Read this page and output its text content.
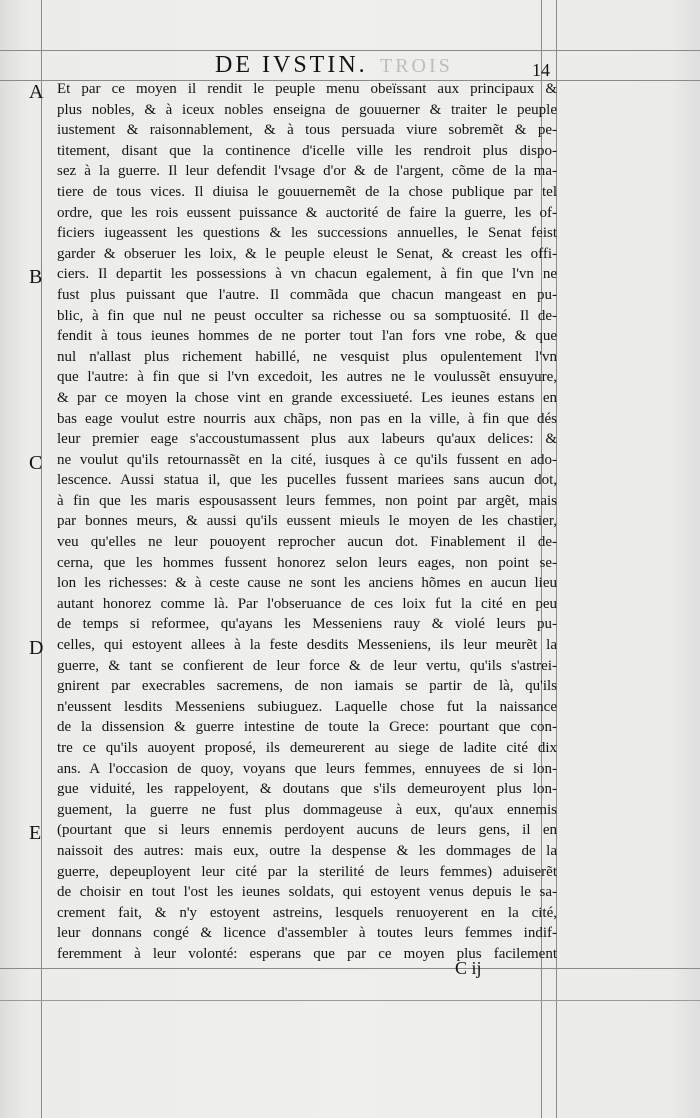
TROIS
DE IVSTIN.	14
A
B
C
D
E
Et par ce moyen il rendit le peuple menu obeïssant aux principaux &
plus nobles, & à iceux nobles enseigna de gouuerner & traiter le peuple
iustement & raisonnablement, & à tous persuada viure sobremẽt & pe-
titement, disant que la continence d'icelle ville les rendroit plus dispo-
sez à la guerre. Il leur defendit l'vsage d'or & de l'argent, cõme de la ma-
tiere de tous vices. Il diuisa le gouuernemẽt de la chose publique par tel
ordre, que les rois eussent puissance & auctorité de faire la guerre, les of-
ficiers iugeassent les questions & les successions annuelles, le Senat feist
garder & obseruer les loix, & le peuple eleust le Senat, & creast les offi-
ciers. Il departit les possessions à vn chacun egalement, à fin que l'vn ne
fust plus puissant que l'autre. Il commãda que chacun mangeast en pu-
blic, à fin que nul ne peust occulter sa richesse ou sa somptuosité. Il de-
fendit à tous ieunes hommes de ne porter tout l'an fors vne robe, & que
nul n'allast plus richement habillé, ne vesquist plus opulentement l'vn
que l'autre: à fin que si l'vn excedoit, les autres ne le voulussẽt ensuyure,
& par ce moyen la chose vint en grande excessiueté. Les ieunes estans en
bas eage voulut estre nourris aux chãps, non pas en la ville, à fin que dés
leur premier eage s'accoustumassent plus aux labeurs qu'aux delices: &
ne voulut qu'ils retournassẽt en la cité, iusques à ce qu'ils fussent en ado-
lescence. Aussi statua il, que les pucelles fussent mariees sans aucun dot,
à fin que les maris espousassent leurs femmes, non point par argẽt, mais
par bonnes meurs, & aussi qu'ils eussent mieuls le moyen de les chastier,
veu qu'elles ne leur pouoyent reprocher aucun dot. Finablement il de-
cerna, que les hommes fussent honorez selon leurs eages, non point se-
lon les richesses: & à ceste cause ne sont les anciens hõmes en aucun lieu
autant honorez comme là. Par l'obseruance de ces loix fut la cité en peu
de temps si reformee, qu'ayans les Messeniens rauy & violé leurs pu-
celles, qui estoyent allees à la feste desdits Messeniens, ils leur meurẽt la
guerre, & tant se confierent de leur force & de leur vertu, qu'ils s'astrei-
gnirent par execrables sacremens, de non iamais se partir de là, qu'ils
n'eussent lesdits Messeniens subiuguez. Laquelle chose fut la naissance
de la dissension & guerre intestine de toute la Grece: pourtant que con-
tre ce qu'ils auoyent proposé, ils demeurerent au siege de ladite cité dix
ans. A l'occasion de quoy, voyans que leurs femmes, ennuyees de si lon-
gue viduité, les rappeloyent, & doutans que s'ils demeuroyent plus lon-
guement, la guerre ne fust plus dommageuse à eux, qu'aux ennemis
(pourtant que si leurs ennemis perdoyent aucuns de leurs gens, il en
naissoit des autres: mais eux, outre la despense & les dommages de la
guerre, depeuployent leur cité par la sterilité de leurs femmes) aduiserẽt
de choisir en tout l'ost les ieunes soldats, qui estoyent venus depuis le sa-
crement fait, & n'y estoyent astreins, lesquels renuoyerent en la cité,
leur donnans congé & licence d'assembler à toutes leurs femmes indif-
feremment à leur volonté: esperans que par ce moyen plus facilement
C ij
